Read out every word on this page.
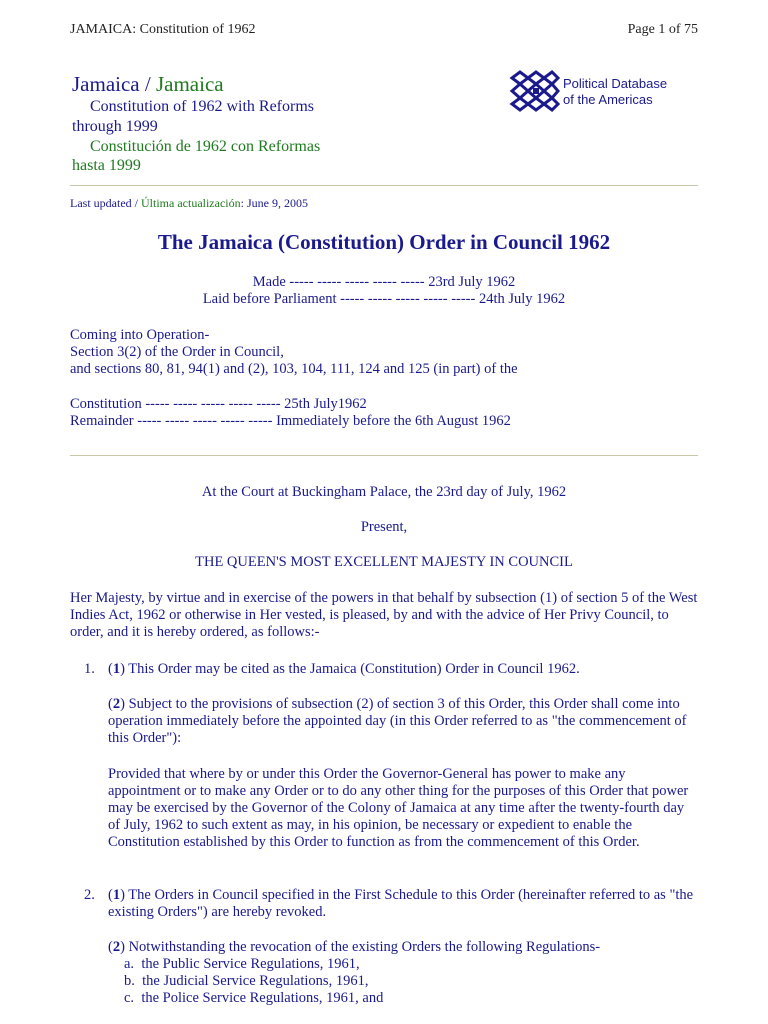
JAMAICA: Constitution of 1962	Page 1 of 75
Jamaica / Jamaica
Constitution of 1962 with Reforms
through 1999
Constitución de 1962 con Reformas
hasta 1999
Political Database
of the Americas
Last updated / Última actualización: June 9, 2005
The Jamaica (Constitution) Order in Council 1962
Made ----- ----- ----- ----- ----- 23rd July 1962
Laid before Parliament ----- ----- ----- ----- ----- 24th July 1962
Coming into Operation-
Section 3(2) of the Order in Council,
and sections 80, 81, 94(1) and (2), 103, 104, 111, 124 and 125 (in part) of the
Constitution ----- ----- ----- ----- ----- 25th July1962
Remainder ----- ----- ----- ----- ----- Immediately before the 6th August 1962
At the Court at Buckingham Palace, the 23rd day of July, 1962
Present,
THE QUEEN'S MOST EXCELLENT MAJESTY IN COUNCIL
Her Majesty, by virtue and in exercise of the powers in that behalf by subsection (1) of section 5 of the West Indies Act, 1962 or otherwise in Her vested, is pleased, by and with the advice of Her Privy Council, to order, and it is hereby ordered, as follows:-
1. (1) This Order may be cited as the Jamaica (Constitution) Order in Council 1962.
(2) Subject to the provisions of subsection (2) of section 3 of this Order, this Order shall come into operation immediately before the appointed day (in this Order referred to as "the commencement of this Order"):
Provided that where by or under this Order the Governor-General has power to make any appointment or to make any Order or to do any other thing for the purposes of this Order that power may be exercised by the Governor of the Colony of Jamaica at any time after the twenty-fourth day of July, 1962 to such extent as may, in his opinion, be necessary or expedient to enable the Constitution established by this Order to function as from the commencement of this Order.
2. (1) The Orders in Council specified in the First Schedule to this Order (hereinafter referred to as "the existing Orders") are hereby revoked.
(2) Notwithstanding the revocation of the existing Orders the following Regulations-
a. the Public Service Regulations, 1961,
b. the Judicial Service Regulations, 1961,
c. the Police Service Regulations, 1961, and
